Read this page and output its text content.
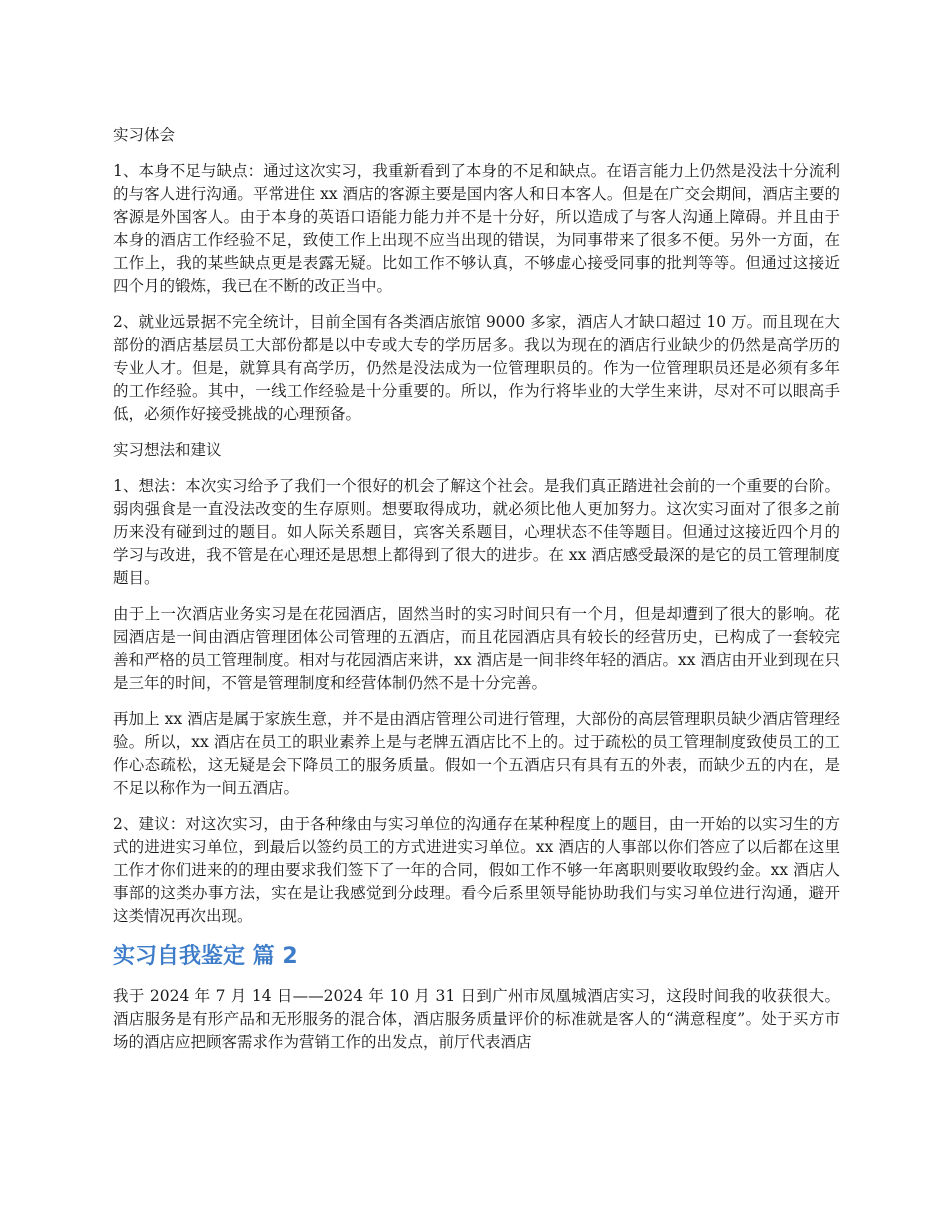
实习体会

1、本身不足与缺点：通过这次实习，我重新看到了本身的不足和缺点。在语言能力上仍然是没法十分流利的与客人进行沟通。平常进住 xx 酒店的客源主要是国内客人和日本客人。但是在广交会期间，酒店主要的客源是外国客人。由于本身的英语口语能力能力并不是十分好，所以造成了与客人沟通上障碍。并且由于本身的酒店工作经验不足，致使工作上出现不应当出现的错误，为同事带来了很多不便。另外一方面，在工作上，我的某些缺点更是表露无疑。比如工作不够认真，不够虚心接受同事的批判等等。但通过这接近四个月的锻炼，我已在不断的改正当中。

2、就业远景据不完全统计，目前全国有各类酒店旅馆 9000 多家，酒店人才缺口超过 10 万。而且现在大部份的酒店基层员工大部份都是以中专或大专的学历居多。我以为现在的酒店行业缺少的仍然是高学历的专业人才。但是，就算具有高学历，仍然是没法成为一位管理职员的。作为一位管理职员还是必须有多年的工作经验。其中，一线工作经验是十分重要的。所以，作为行将毕业的大学生来讲，尽对不可以眼高手低，必须作好接受挑战的心理预备。

实习想法和建议

1、想法：本次实习给予了我们一个很好的机会了解这个社会。是我们真正踏进社会前的一个重要的台阶。弱肉强食是一直没法改变的生存原则。想要取得成功，就必须比他人更加努力。这次实习面对了很多之前历来没有碰到过的题目。如人际关系题目，宾客关系题目，心理状态不佳等题目。但通过这接近四个月的学习与改进，我不管是在心理还是思想上都得到了很大的进步。在 xx 酒店感受最深的是它的员工管理制度题目。

由于上一次酒店业务实习是在花园酒店，固然当时的实习时间只有一个月，但是却遭到了很大的影响。花园酒店是一间由酒店管理团体公司管理的五酒店，而且花园酒店具有较长的经营历史，已构成了一套较完善和严格的员工管理制度。相对与花园酒店来讲，xx 酒店是一间非终年轻的酒店。xx 酒店由开业到现在只是三年的时间，不管是管理制度和经营体制仍然不是十分完善。

再加上 xx 酒店是属于家族生意，并不是由酒店管理公司进行管理，大部份的高层管理职员缺少酒店管理经验。所以，xx 酒店在员工的职业素养上是与老牌五酒店比不上的。过于疏松的员工管理制度致使员工的工作心态疏松，这无疑是会下降员工的服务质量。假如一个五酒店只有具有五的外表，而缺少五的内在，是不足以称作为一间五酒店。

2、建议：对这次实习，由于各种缘由与实习单位的沟通存在某种程度上的题目，由一开始的以实习生的方式的进进实习单位，到最后以签约员工的方式进进实习单位。xx 酒店的人事部以你们答应了以后都在这里工作才你们进来的的理由要求我们签下了一年的合同，假如工作不够一年离职则要收取毁约金。xx 酒店人事部的这类办事方法，实在是让我感觉到分歧理。看今后系里领导能协助我们与实习单位进行沟通，避开这类情况再次出现。

实习自我鉴定 篇 2

我于 2024 年 7 月 14 日——2024 年 10 月 31 日到广州市凤凰城酒店实习，这段时间我的收获很大。酒店服务是有形产品和无形服务的混合体，酒店服务质量评价的标准就是客人的“满意程度”。处于买方市场的酒店应把顾客需求作为营销工作的出发点，前厅代表酒店
